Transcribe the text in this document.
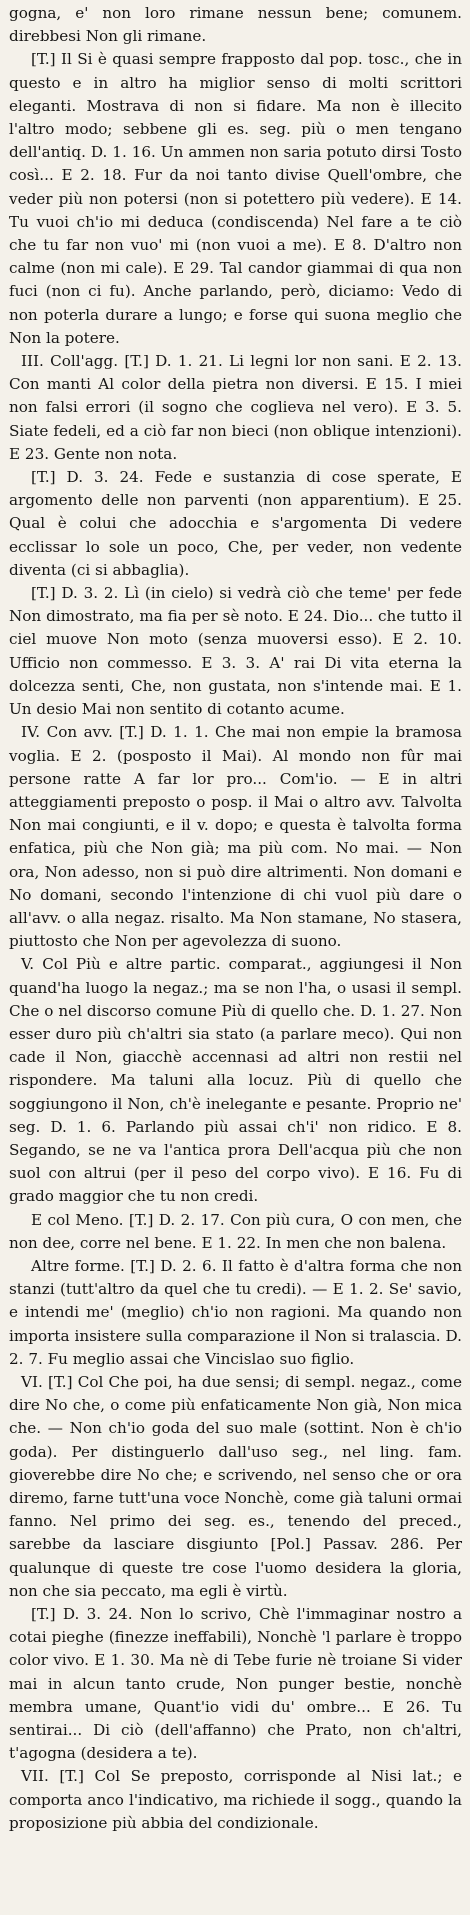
gogna, e' non loro rimane nessun bene; comunem. direbbesi Non gli rimane.

[T.] Il Si è quasi sempre frapposto dal pop. tosc., che in questo e in altro ha miglior senso di molti scrittori eleganti. Mostrava di non si fidare. Ma non è illecito l'altro modo; sebbene gli es. seg. più o men tengano dell'antiq. D. 1. 16. Un ammen non saria potuto dirsi Tosto così... E 2. 18. Fur da noi tanto divise Quell'ombre, che veder più non potersi (non si potettero più vedere). E 14. Tu vuoi ch'io mi deduca (condiscenda) Nel fare a te ciò che tu far non vuo' mi (non vuoi a me). E 8. D'altro non calme (non mi cale). E 29. Tal candor giammai di qua non fuci (non ci fu). Anche parlando, però, diciamo: Vedo di non poterla durare a lungo; e forse qui suona meglio che Non la potere.

III. Coll'agg. [T.] D. 1. 21. Li legni lor non sani. E 2. 13. Con manti Al color della pietra non diversi. E 15. I miei non falsi errori (il sogno che coglieva nel vero). E 3. 5. Siate fedeli, ed a ciò far non bieci (non oblique intenzioni). E 23. Gente non nota.

[T.] D. 3. 24. Fede e sustanzia di cose sperate, E argomento delle non parventi (non apparentium). E 25. Qual è colui che adocchia e s'argomenta Di vedere ecclissar lo sole un poco, Che, per veder, non vedente diventa (ci si abbaglia).

[T.] D. 3. 2. Lì (in cielo) si vedrà ciò che teme' per fede Non dimostrato, ma fia per sè noto. E 24. Dio... che tutto il ciel muove Non moto (senza muoversi esso). E 2. 10. Ufficio non commesso. E 3. 3. A' rai Di vita eterna la dolcezza senti, Che, non gustata, non s'intende mai. E 1. Un desio Mai non sentito di cotanto acume.

IV. Con avv. [T.] D. 1. 1. Che mai non empie la bramosa voglia. E 2. (posposto il Mai). Al mondo non fûr mai persone ratte A far lor pro... Com'io. — E in altri atteggiamenti preposto o posp. il Mai o altro avv. Talvolta Non mai congiunti, e il v. dopo; e questa è talvolta forma enfatica, più che Non già; ma più com. No mai. — Non ora, Non adesso, non si può dire altrimenti. Non domani e No domani, secondo l'intenzione di chi vuol più dare o all'avv. o alla negaz. risalto. Ma Non stamane, No stasera, piuttosto che Non per agevolezza di suono.

V. Col Più e altre partic. comparat., aggiungesi il Non quand'ha luogo la negaz.; ma se non l'ha, o usasi il sempl. Che o nel discorso comune Più di quello che. D. 1. 27. Non esser duro più ch'altri sia stato (a parlare meco). Qui non cade il Non, giacchè accennasi ad altri non restii nel rispondere. Ma taluni alla locuz. Più di quello che soggiungono il Non, ch'è inelegante e pesante. Proprio ne' seg. D. 1. 6. Parlando più assai ch'i' non ridico. E 8. Segando, se ne va l'antica prora Dell'acqua più che non suol con altrui (per il peso del corpo vivo). E 16. Fu di grado maggior che tu non credi.

E col Meno. [T.] D. 2. 17. Con più cura, O con men, che non dee, corre nel bene. E 1. 22. In men che non balena.

Altre forme. [T.] D. 2. 6. Il fatto è d'altra forma che non stanzi (tutt'altro da quel che tu credi). — E 1. 2. Se' savio, e intendi me' (meglio) ch'io non ragioni. Ma quando non importa insistere sulla comparazione il Non si tralascia. D. 2. 7. Fu meglio assai che Vincislao suo figlio.

VI. [T.] Col Che poi, ha due sensi; di sempl. negaz., come dire No che, o come più enfaticamente Non già, Non mica che. — Non ch'io goda del suo male (sottint. Non è ch'io goda). Per distinguerlo dall'uso seg., nel ling. fam. gioverebbe dire No che; e scrivendo, nel senso che or ora diremo, farne tutt'una voce Nonchè, come già taluni ormai fanno. Nel primo dei seg. es., tenendo del preced., sarebbe da lasciare disgiunto [Pol.] Passav. 286. Per qualunque di queste tre cose l'uomo desidera la gloria, non che sia peccato, ma egli è virtù.

[T.] D. 3. 24. Non lo scrivo, Chè l'immaginar nostro a cotai pieghe (finezze ineffabili), Nonchè 'l parlare è troppo color vivo. E 1. 30. Ma nè di Tebe furie nè troiane Si vider mai in alcun tanto crude, Non punger bestie, nonchè membra umane, Quant'io vidi du' ombre... E 26. Tu sentirai... Di ciò (dell'affanno) che Prato, non ch'altri, t'agogna (desidera a te).

VII. [T.] Col Se preposto, corrisponde al Nisi lat.; e comporta anco l'indicativo, ma richiede il sogg., quando la proposizione più abbia del condizionale.
